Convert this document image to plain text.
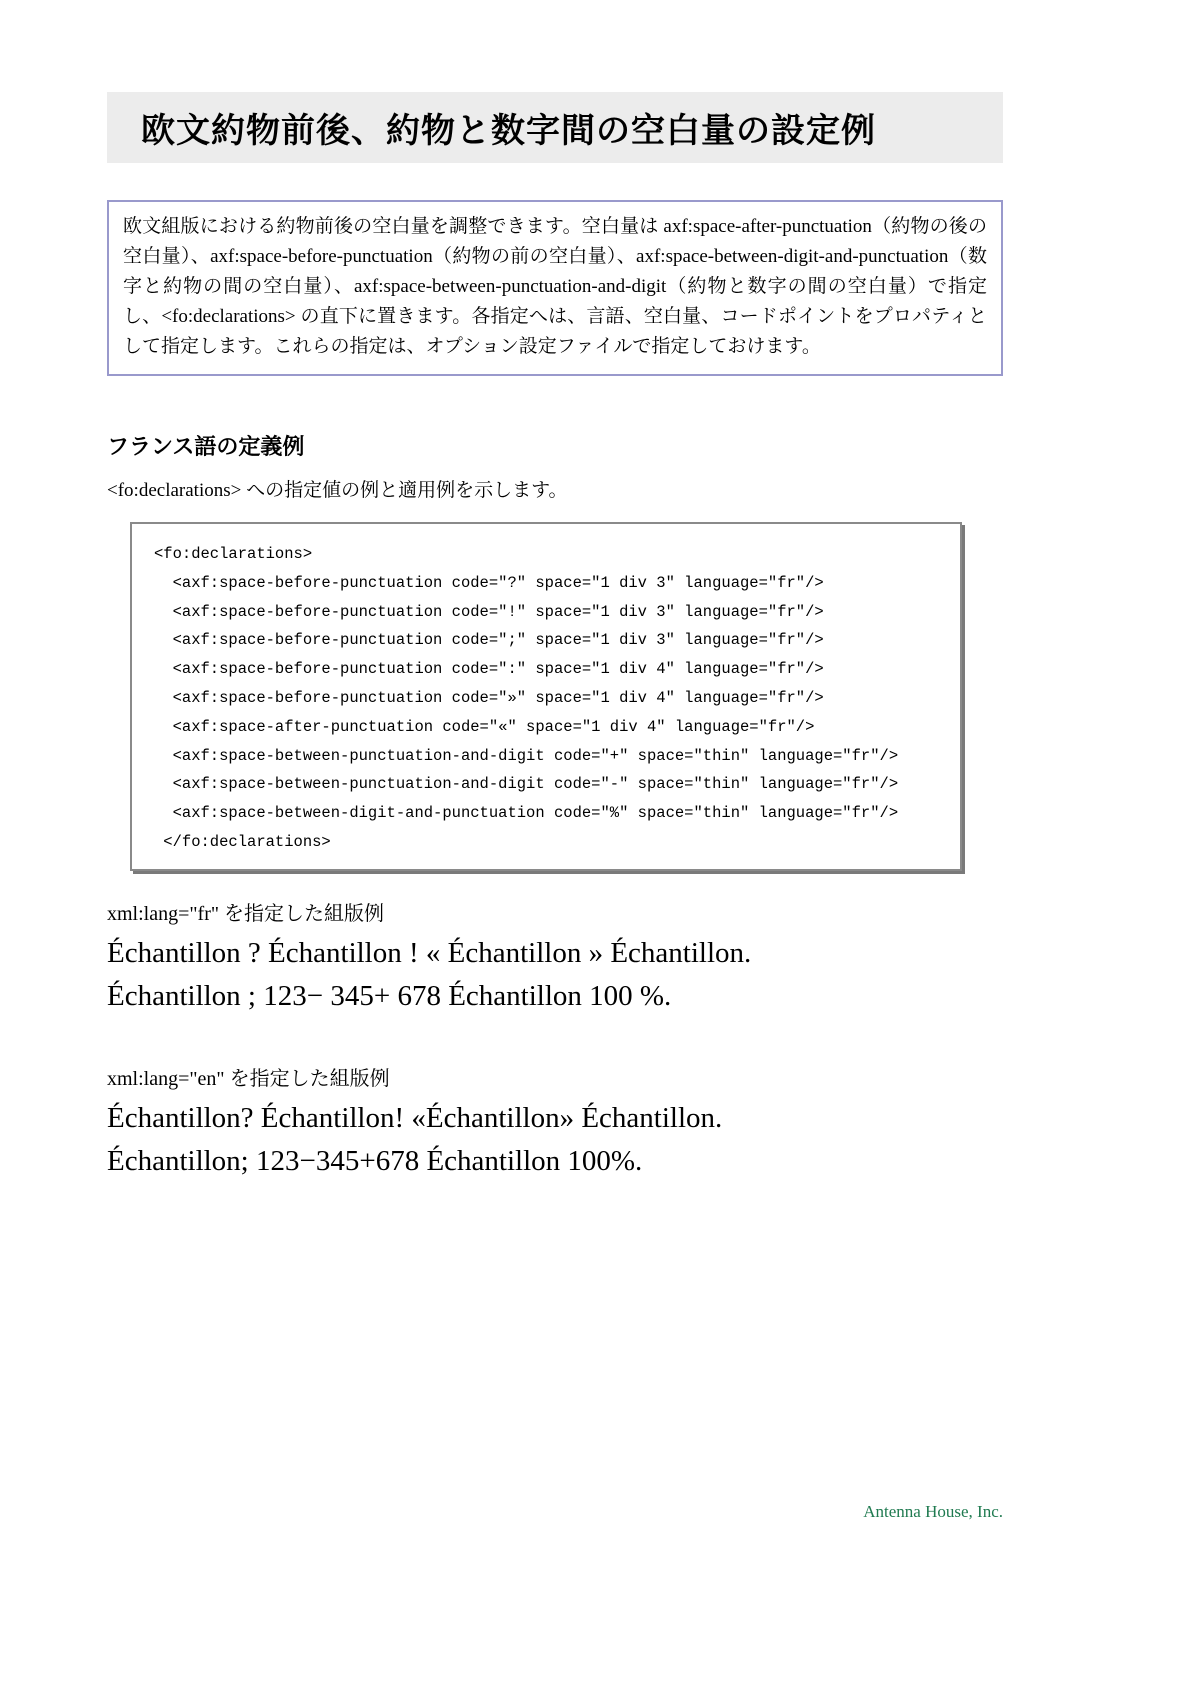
欧文約物前後、約物と数字間の空白量の設定例

欧文組版における約物前後の空白量を調整できます。空白量は axf:space-after-punctuation（約物の後の空白量）、axf:space-before-punctuation（約物の前の空白量）、axf:space-between-digit-and-punctuation（数字と約物の間の空白量）、axf:space-between-punctuation-and-digit（約物と数字の間の空白量）で指定し、<fo:declarations> の直下に置きます。各指定へは、言語、空白量、コードポイントをプロパティとして指定します。これらの指定は、オプション設定ファイルで指定しておけます。

フランス語の定義例

<fo:declarations> への指定値の例と適用例を示します。

<fo:declarations>
<axf:space-before-punctuation code="?" space="1 div 3" language="fr"/>
<axf:space-before-punctuation code="!" space="1 div 3" language="fr"/>
<axf:space-before-punctuation code=";" space="1 div 3" language="fr"/>
<axf:space-before-punctuation code=":" space="1 div 4" language="fr"/>
<axf:space-before-punctuation code="»" space="1 div 4" language="fr"/>
<axf:space-after-punctuation code="«" space="1 div 4" language="fr"/>
<axf:space-between-punctuation-and-digit code="+" space="thin" language="fr"/>
<axf:space-between-punctuation-and-digit code="-" space="thin" language="fr"/>
<axf:space-between-digit-and-punctuation code="%" space="thin" language="fr"/>
</fo:declarations>

xml:lang="fr" を指定した組版例

Échantillon ? Échantillon ! « Échantillon » Échantillon.
Échantillon ; 123− 345+ 678 Échantillon 100 %.

xml:lang="en" を指定した組版例

Échantillon? Échantillon! «Échantillon» Échantillon.
Échantillon; 123−345+678 Échantillon 100%.
Antenna House, Inc.
